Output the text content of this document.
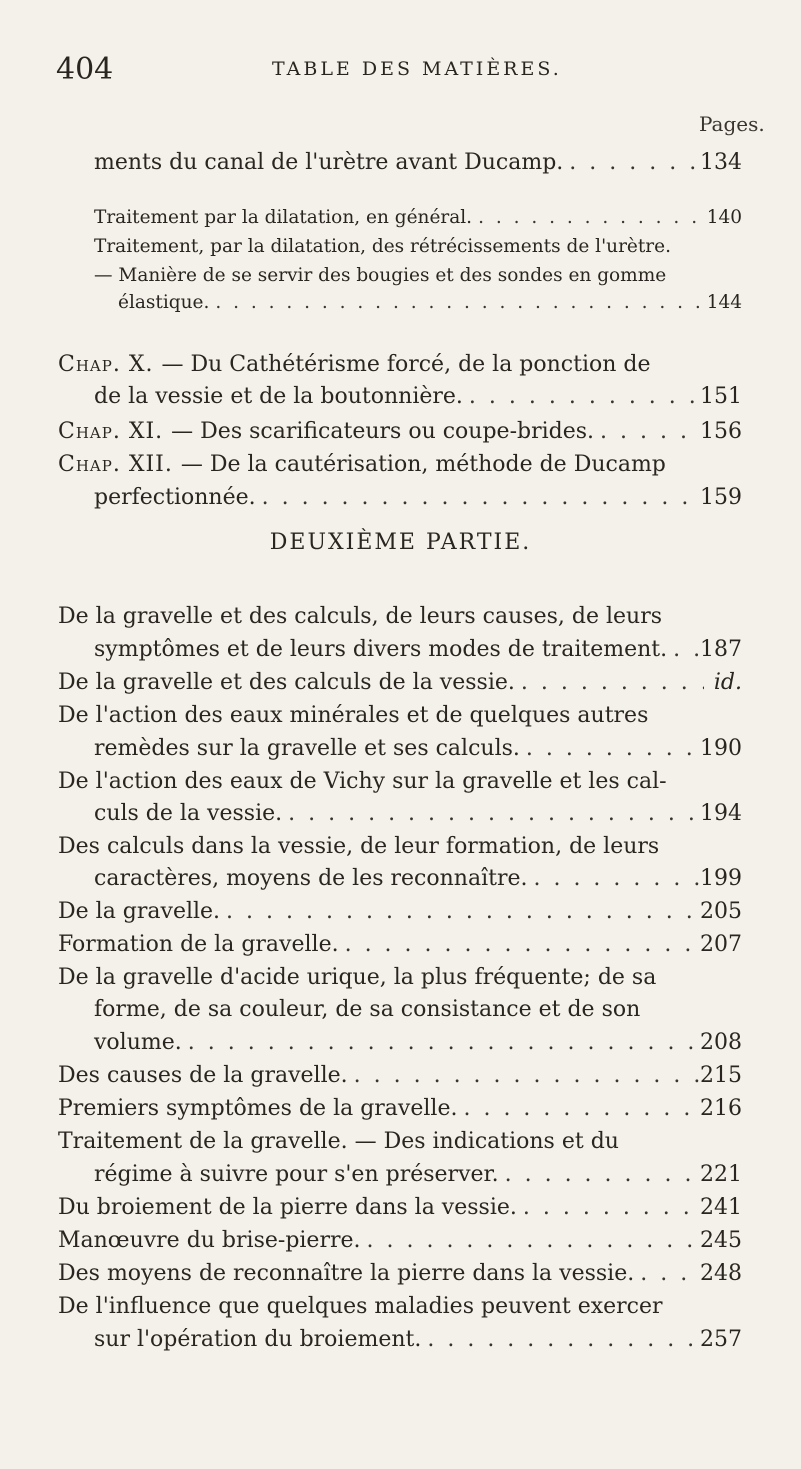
404	TABLE DES MATIÈRES.
Pages.
ments du canal de l'urètre avant Ducamp. . . .	134
Traitement par la dilatation, en général. . . .	140
Traitement, par la dilatation, des rétrécissements de l'urètre.
— Manière de se servir des bougies et des sondes en gomme
élastique. . . .	144
Chap. X. — Du Cathétérisme forcé, de la ponction de
de la vessie et de la boutonnière. . . .	151
Chap. XI. — Des scarificateurs ou coupe-brides. . . .	156
Chap. XII. — De la cautérisation, méthode de Ducamp
perfectionnée. . . .	159
DEUXIÈME PARTIE.
De la gravelle et des calculs, de leurs causes, de leurs
symptômes et de leurs divers modes de traitement. . . . 187
De la gravelle et des calculs de la vessie. . . .	id.
De l'action des eaux minérales et de quelques autres
remèdes sur la gravelle et ses calculs. . . .	190
De l'action des eaux de Vichy sur la gravelle et les cal-
culs de la vessie. . . .	194
Des calculs dans la vessie, de leur formation, de leurs
caractères, moyens de les reconnaître. . . .	199
De la gravelle. . . .	205
Formation de la gravelle. . . .	207
De la gravelle d'acide urique, la plus fréquente; de sa
forme, de sa couleur, de sa consistance et de son
volume. . . .	208
Des causes de la gravelle. . . .	215
Premiers symptômes de la gravelle. . . .	216
Traitement de la gravelle. — Des indications et du
régime à suivre pour s'en préserver. . . .	221
Du broiement de la pierre dans la vessie. . . .	241
Manœuvre du brise-pierre. . . .	245
Des moyens de reconnaître la pierre dans la vessie. . . .	248
De l'influence que quelques maladies peuvent exercer
sur l'opération du broiement. . . .	257
